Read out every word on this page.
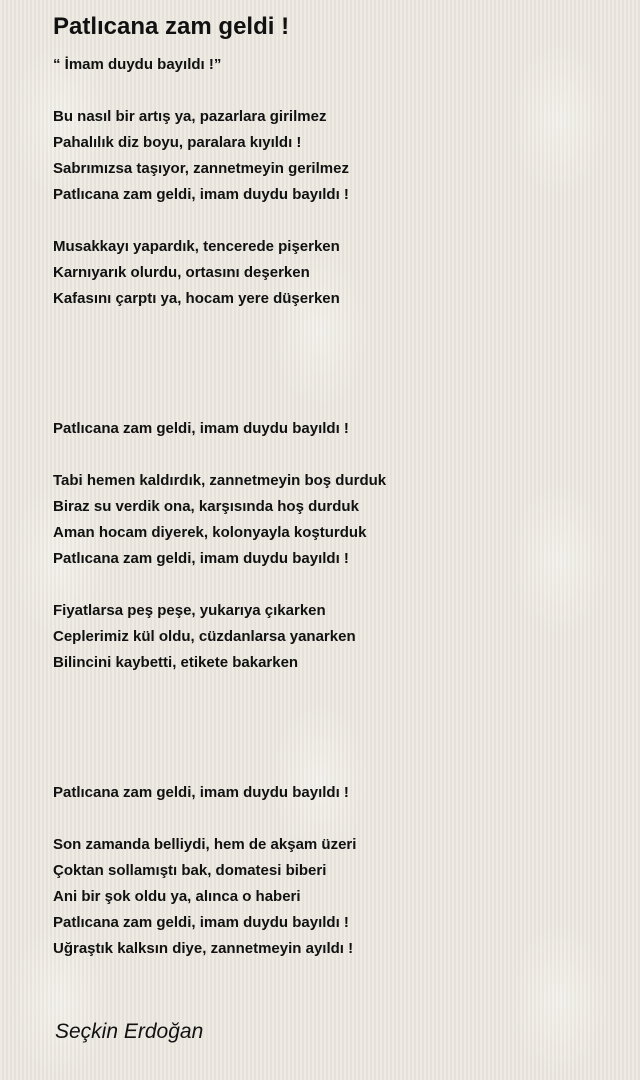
Patlıcana zam geldi !
“ İmam duydu bayıldı !”
Bu nasıl bir artış ya, pazarlara girilmez
Pahalılık diz boyu, paralara kıyıldı !
Sabrımızsa taşıyor, zannetmeyin gerilmez
Patlıcana zam geldi, imam duydu bayıldı !
Musakkayı yapardık, tencerede pişerken
Karnıyarık olurdu, ortasını deşerken
Kafasını çarptı ya, hocam yere düşerken
Patlıcana zam geldi, imam duydu bayıldı !
Tabi hemen kaldırdık, zannetmeyin boş durduk
Biraz su verdik ona, karşısında hoş durduk
Aman hocam diyerek, kolonyayla koşturduk
Patlıcana zam geldi, imam duydu bayıldı !
Fiyatlarsa peş peşe, yukarıya çıkarken
Ceplerimiz kül oldu, cüzdanlarsa yanarken
Bilincini kaybetti, etikete bakarken
Patlıcana zam geldi, imam duydu bayıldı !
Son zamanda belliydi, hem de akşam üzeri
Çoktan sollamıştı bak, domatesi biberi
Ani bir şok oldu ya, alınca o haberi
Patlıcana zam geldi, imam duydu bayıldı !
Uğraştık kalksın diye, zannetmeyin ayıldı !
Seçkin Erdoğan
